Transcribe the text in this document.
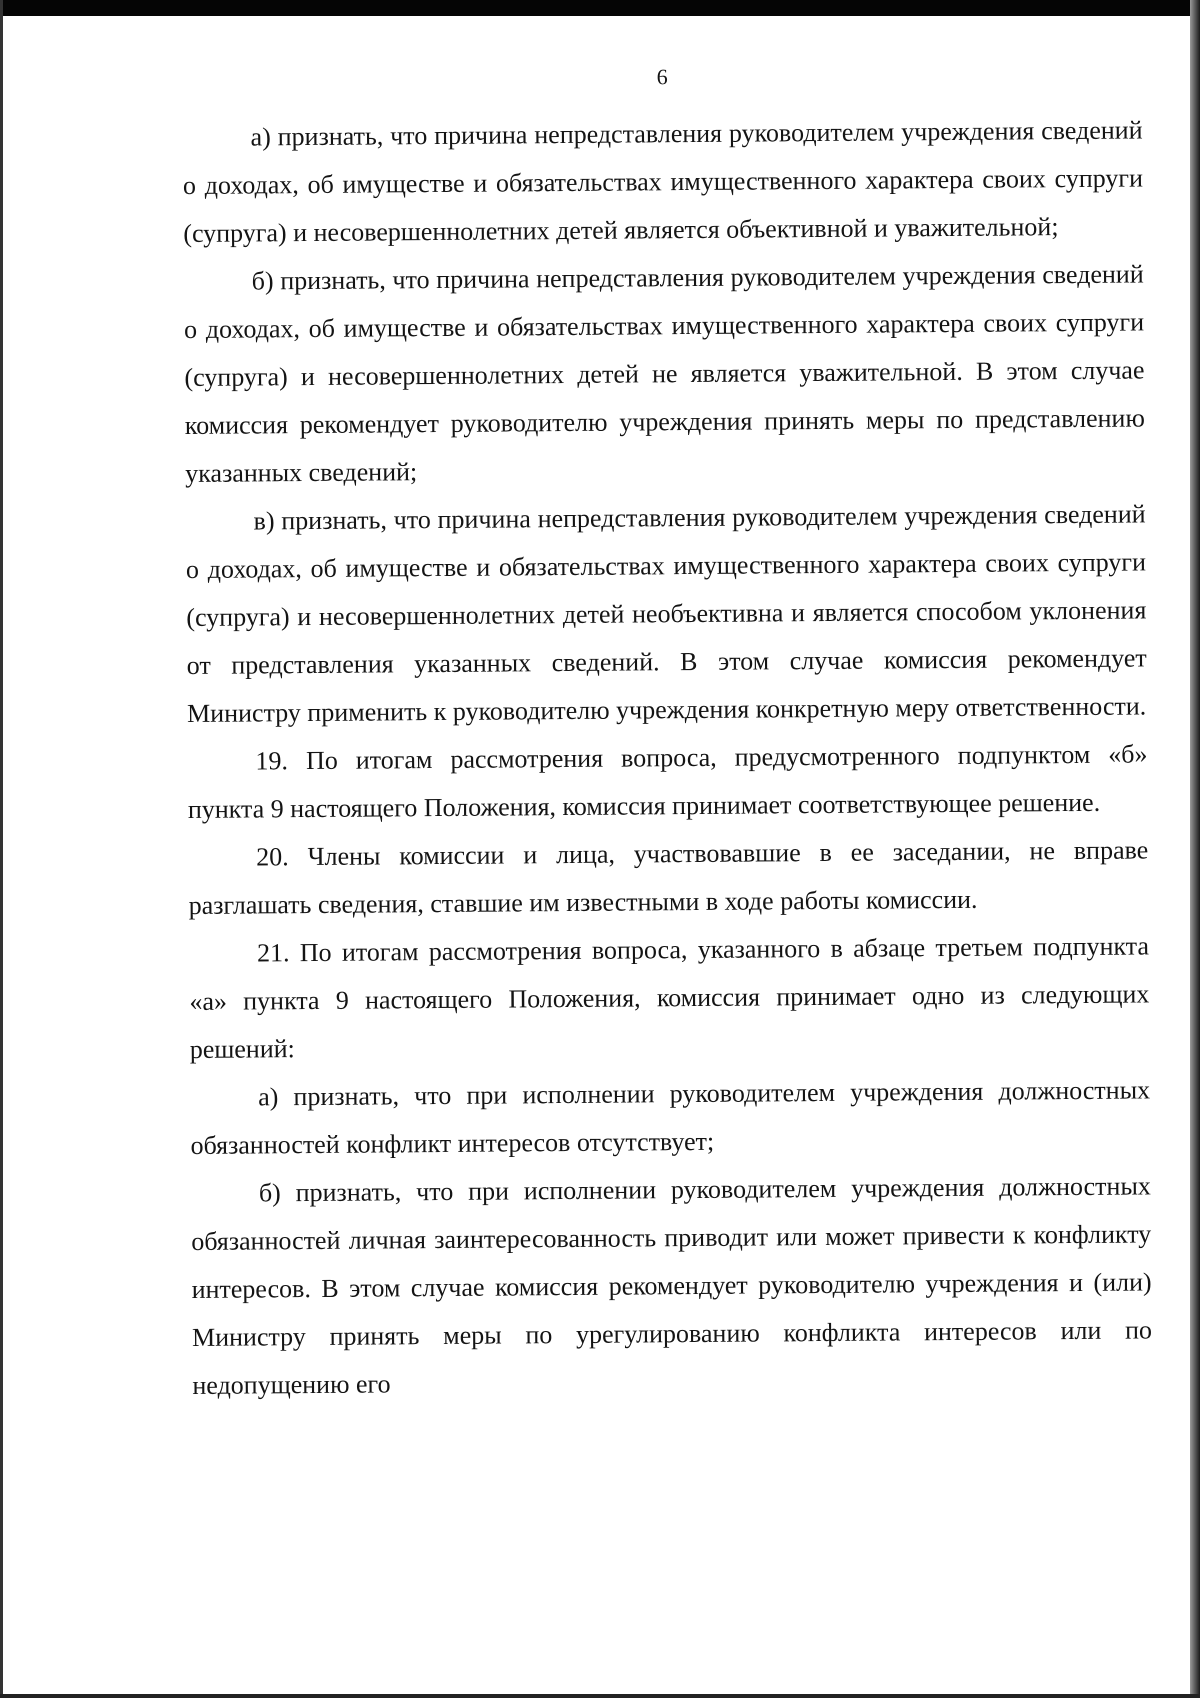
6

а) признать, что причина непредставления руководителем учреждения сведений о доходах, об имуществе и обязательствах имущественного характера своих супруги (супруга) и несовершеннолетних детей является объективной и уважительной;

б) признать, что причина непредставления руководителем учреждения сведений о доходах, об имуществе и обязательствах имущественного характера своих супруги (супруга) и несовершеннолетних детей не является уважительной. В этом случае комиссия рекомендует руководителю учреждения принять меры по представлению указанных сведений;

в) признать, что причина непредставления руководителем учреждения сведений о доходах, об имуществе и обязательствах имущественного характера своих супруги (супруга) и несовершеннолетних детей необъективна и является способом уклонения от представления указанных сведений. В этом случае комиссия рекомендует Министру применить к руководителю учреждения конкретную меру ответственности.

19. По итогам рассмотрения вопроса, предусмотренного подпунктом «б» пункта 9 настоящего Положения, комиссия принимает соответствующее решение.

20. Члены комиссии и лица, участвовавшие в ее заседании, не вправе разглашать сведения, ставшие им известными в ходе работы комиссии.

21. По итогам рассмотрения вопроса, указанного в абзаце третьем подпункта «а» пункта 9 настоящего Положения, комиссия принимает одно из следующих решений:

а) признать, что при исполнении руководителем учреждения должностных обязанностей конфликт интересов отсутствует;

б) признать, что при исполнении руководителем учреждения должностных обязанностей личная заинтересованность приводит или может привести к конфликту интересов. В этом случае комиссия рекомендует руководителю учреждения и (или) Министру принять меры по урегулированию конфликта интересов или по недопущению его
